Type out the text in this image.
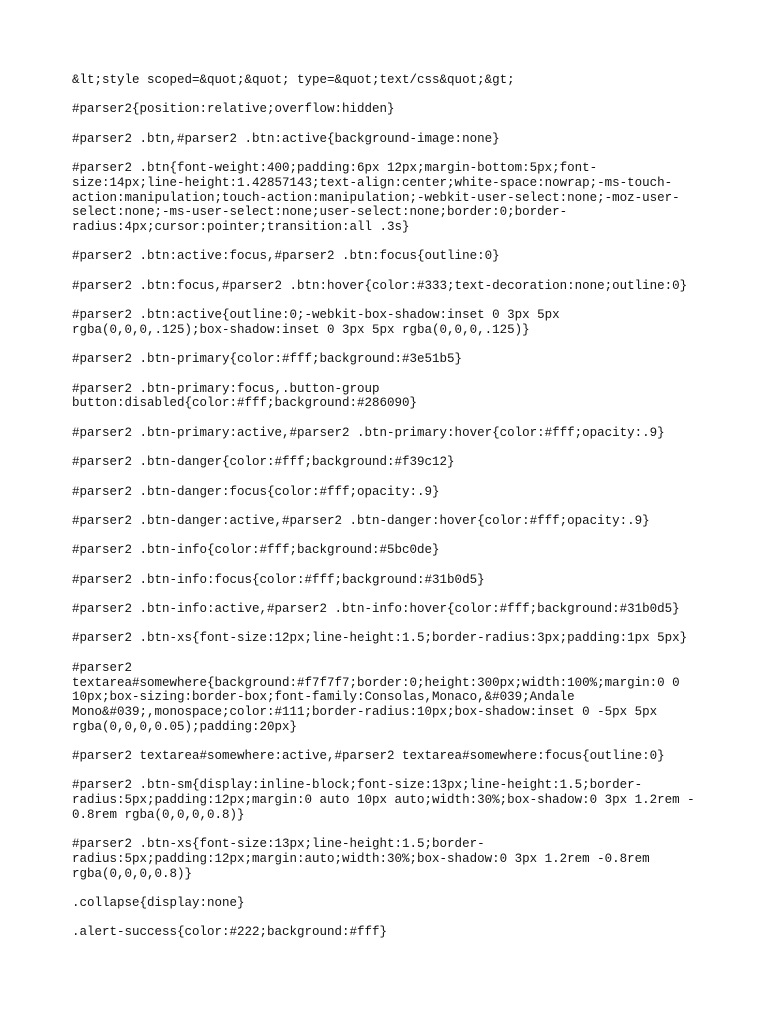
&lt;style scoped=&quot;&quot; type=&quot;text/css&quot;&gt;

#parser2{position:relative;overflow:hidden}

#parser2 .btn,#parser2 .btn:active{background-image:none}

#parser2 .btn{font-weight:400;padding:6px 12px;margin-bottom:5px;font-
size:14px;line-height:1.42857143;text-align:center;white-space:nowrap;-ms-touch-
action:manipulation;touch-action:manipulation;-webkit-user-select:none;-moz-user-
select:none;-ms-user-select:none;user-select:none;border:0;border-
radius:4px;cursor:pointer;transition:all .3s}

#parser2 .btn:active:focus,#parser2 .btn:focus{outline:0}

#parser2 .btn:focus,#parser2 .btn:hover{color:#333;text-decoration:none;outline:0}

#parser2 .btn:active{outline:0;-webkit-box-shadow:inset 0 3px 5px
rgba(0,0,0,.125);box-shadow:inset 0 3px 5px rgba(0,0,0,.125)}

#parser2 .btn-primary{color:#fff;background:#3e51b5}

#parser2 .btn-primary:focus,.button-group
button:disabled{color:#fff;background:#286090}

#parser2 .btn-primary:active,#parser2 .btn-primary:hover{color:#fff;opacity:.9}

#parser2 .btn-danger{color:#fff;background:#f39c12}

#parser2 .btn-danger:focus{color:#fff;opacity:.9}

#parser2 .btn-danger:active,#parser2 .btn-danger:hover{color:#fff;opacity:.9}

#parser2 .btn-info{color:#fff;background:#5bc0de}

#parser2 .btn-info:focus{color:#fff;background:#31b0d5}

#parser2 .btn-info:active,#parser2 .btn-info:hover{color:#fff;background:#31b0d5}

#parser2 .btn-xs{font-size:12px;line-height:1.5;border-radius:3px;padding:1px 5px}

#parser2
textarea#somewhere{background:#f7f7f7;border:0;height:300px;width:100%;margin:0 0
10px;box-sizing:border-box;font-family:Consolas,Monaco,&#039;Andale
Mono&#039;,monospace;color:#111;border-radius:10px;box-shadow:inset 0 -5px 5px
rgba(0,0,0,0.05);padding:20px}

#parser2 textarea#somewhere:active,#parser2 textarea#somewhere:focus{outline:0}

#parser2 .btn-sm{display:inline-block;font-size:13px;line-height:1.5;border-
radius:5px;padding:12px;margin:0 auto 10px auto;width:30%;box-shadow:0 3px 1.2rem -
0.8rem rgba(0,0,0,0.8)}

#parser2 .btn-xs{font-size:13px;line-height:1.5;border-
radius:5px;padding:12px;margin:auto;width:30%;box-shadow:0 3px 1.2rem -0.8rem
rgba(0,0,0,0.8)}

.collapse{display:none}

.alert-success{color:#222;background:#fff}
